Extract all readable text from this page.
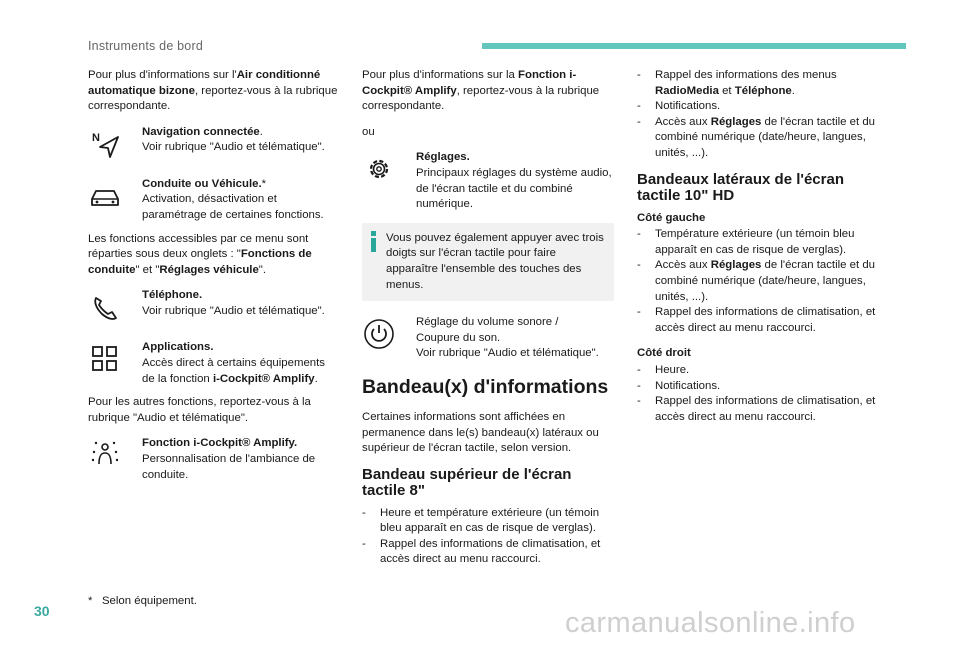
Instruments de bord

Pour plus d'informations sur l'Air conditionné automatique bizone, reportez-vous à la rubrique correspondante.

N	Navigation connectée.
Voir rubrique "Audio et télématique".
Conduite ou Véhicule.*
Activation, désactivation et paramétrage de certaines fonctions.

Les fonctions accessibles par ce menu sont réparties sous deux onglets : "Fonctions de conduite" et "Réglages véhicule".

Téléphone.
Voir rubrique "Audio et télématique".
Applications.
Accès direct à certains équipements de la fonction i-Cockpit® Amplify.

Pour les autres fonctions, reportez-vous à la rubrique "Audio et télématique".

Fonction i-Cockpit® Amplify.
Personnalisation de l'ambiance de conduite.
* Selon équipement.

Pour plus d'informations sur la Fonction i-Cockpit® Amplify, reportez-vous à la rubrique correspondante.

ou

Réglages.
Principaux réglages du système audio, de l'écran tactile et du combiné numérique.
Vous pouvez également appuyer avec trois doigts sur l'écran tactile pour faire apparaître l'ensemble des touches des menus.
Réglage du volume sonore /
Coupure du son.
Voir rubrique "Audio et télématique".
Bandeau(x) d'informations

Certaines informations sont affichées en permanence dans le(s) bandeau(x) latéraux ou supérieur de l'écran tactile, selon version.

Bandeau supérieur de l'écran tactile 8"
- Heure et température extérieure (un témoin bleu apparaît en cas de risque de verglas).
- Rappel des informations de climatisation, et accès direct au menu raccourci.
- Rappel des informations des menus RadioMedia et Téléphone.
- Notifications.
- Accès aux Réglages de l'écran tactile et du combiné numérique (date/heure, langues, unités, ...).
Bandeaux latéraux de l'écran tactile 10" HD
Côté gauche
- Température extérieure (un témoin bleu apparaît en cas de risque de verglas).
- Accès aux Réglages de l'écran tactile et du combiné numérique (date/heure, langues, unités, ...).
- Rappel des informations de climatisation, et accès direct au menu raccourci.
Côté droit
- Heure.
- Notifications.
- Rappel des informations de climatisation, et accès direct au menu raccourci.
30	carmanualsonline.info
